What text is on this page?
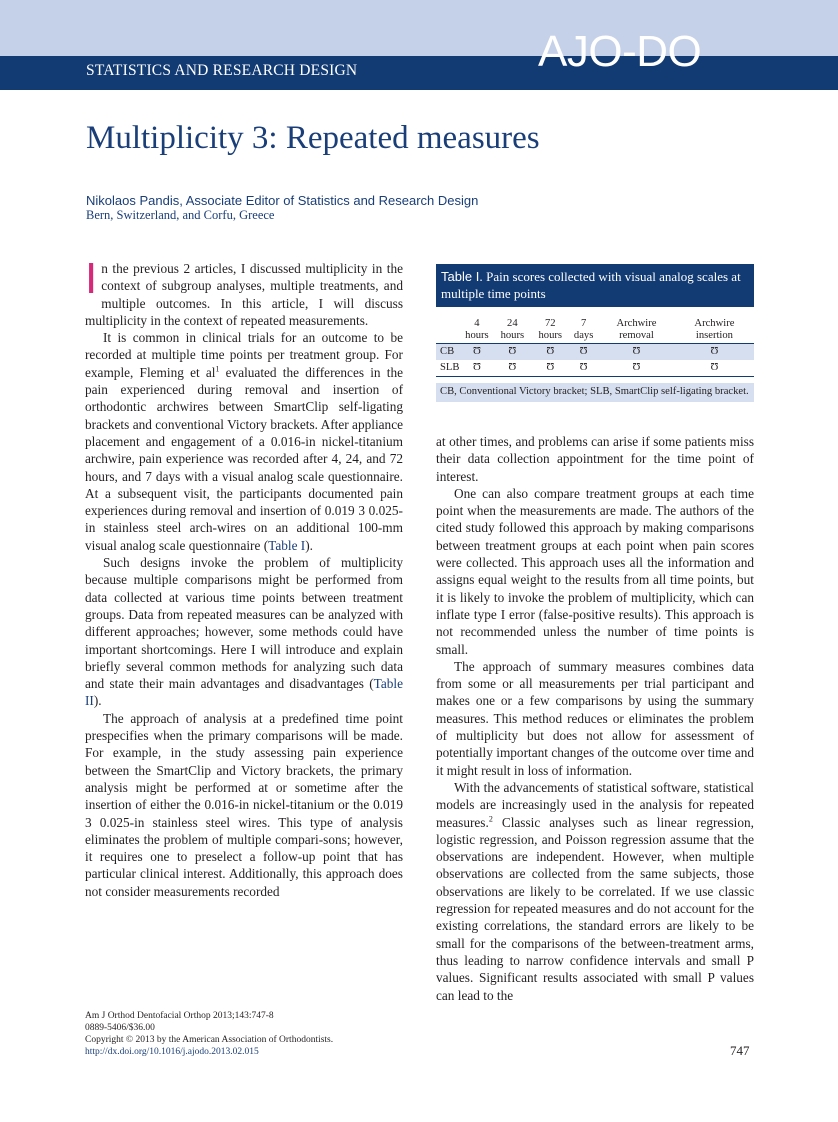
STATISTICS AND RESEARCH DESIGN	AJO-DO
Multiplicity 3: Repeated measures
Nikolaos Pandis, Associate Editor of Statistics and Research Design
Bern, Switzerland, and Corfu, Greece

In the previous 2 articles, I discussed multiplicity in the context of subgroup analyses, multiple treatments, and multiple outcomes. In this article, I will discuss multiplicity in the context of repeated measurements.

It is common in clinical trials for an outcome to be recorded at multiple time points per treatment group. For example, Fleming et $al^1$ evaluated the differences in the pain experienced during removal and insertion of orthodontic archwires between SmartClip self-ligating brackets and conventional Victory brackets. After appliance placement and engagement of a 0.016-in nickel-titanium archwire, pain experience was recorded after 4, 24, and 72 hours, and 7 days with a visual analog scale questionnaire. At a subsequent visit, the participants documented pain experiences during removal and insertion of 0.019 3 0.025-in stainless steel arch-wires on an additional 100-mm visual analog scale questionnaire (Table I).

Such designs invoke the problem of multiplicity because multiple comparisons might be performed from data collected at various time points between treatment groups. Data from repeated measures can be analyzed with different approaches; however, some methods could have important shortcomings. Here I will introduce and explain briefly several common methods for analyzing such data and state their main advantages and disadvantages (Table II).

The approach of analysis at a predefined time point prespecifies when the primary comparisons will be made. For example, in the study assessing pain experience between the SmartClip and Victory brackets, the primary analysis might be performed at or sometime after the insertion of either the 0.016-in nickel-titanium or the 0.019 3 0.025-in stainless steel wires. This type of analysis eliminates the problem of multiple compari-sons; however, it requires one to preselect a follow-up point that has particular clinical interest. Additionally, this approach does not consider measurements recorded

Table I. Pain scores collected with visual analog scales at multiple time points
	4 hours	24 hours	72 hours	7 days	Archwire removal	Archwire insertion
CB	Ʊ	Ʊ	Ʊ	Ʊ	Ʊ	Ʊ
SLB	Ʊ	Ʊ	Ʊ	Ʊ	Ʊ	Ʊ
CB, Conventional Victory bracket; SLB, SmartClip self-ligating bracket.

at other times, and problems can arise if some patients miss their data collection appointment for the time point of interest.

One can also compare treatment groups at each time point when the measurements are made. The authors of the cited study followed this approach by making comparisons between treatment groups at each point when pain scores were collected. This approach uses all the information and assigns equal weight to the results from all time points, but it is likely to invoke the problem of multiplicity, which can inflate type I error (false-positive results). This approach is not recommended unless the number of time points is small.

The approach of summary measures combines data from some or all measurements per trial participant and makes one or a few comparisons by using the summary measures. This method reduces or eliminates the problem of multiplicity but does not allow for assessment of potentially important changes of the outcome over time and it might result in loss of information.

With the advancements of statistical software, statistical models are increasingly used in the analysis for repeated measures.$^2$ Classic analyses such as linear regression, logistic regression, and Poisson regression assume that the observations are independent. However, when multiple observations are collected from the same subjects, those observations are likely to be correlated. If we use classic regression for repeated measures and do not account for the existing correlations, the standard errors are likely to be small for the comparisons of the between-treatment arms, thus leading to narrow confidence intervals and small P values. Significant results associated with small P values can lead to the

Am J Orthod Dentofacial Orthop 2013;143:747-8
0889-5406/$36.00
Copyright © 2013 by the American Association of Orthodontists.
http://dx.doi.org/10.1016/j.ajodo.2013.02.015	747
